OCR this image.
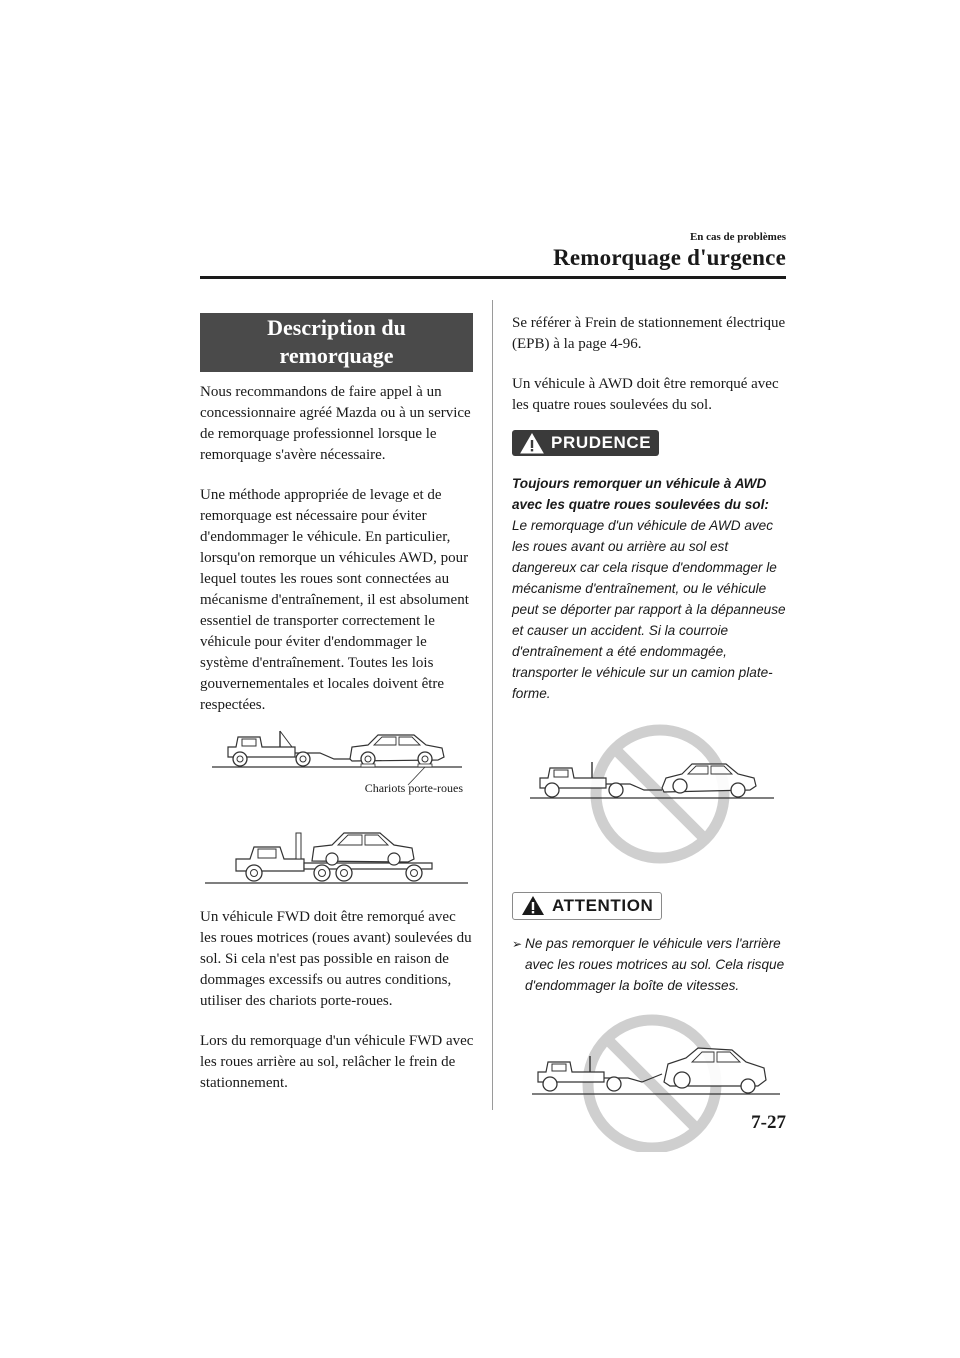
En cas de problèmes
Remorquage d'urgence
Description du
remorquage

Nous recommandons de faire appel à un concessionnaire agréé Mazda ou à un service de remorquage professionnel lorsque le remorquage s'avère nécessaire.

Une méthode appropriée de levage et de remorquage est nécessaire pour éviter d'endommager le véhicule. En particulier, lorsqu'on remorque un véhicules AWD, pour lequel toutes les roues sont connectées au mécanisme d'entraînement, il est absolument essentiel de transporter correctement le véhicule pour éviter d'endommager le système d'entraînement. Toutes les lois gouvernementales et locales doivent être respectées.

Chariots porte-roues

Un véhicule FWD doit être remorqué avec les roues motrices (roues avant) soulevées du sol. Si cela n'est pas possible en raison de dommages excessifs ou autres conditions, utiliser des chariots porte-roues.

Lors du remorquage d'un véhicule FWD avec les roues arrière au sol, relâcher le frein de stationnement.

Se référer à Frein de stationnement électrique (EPB) à la page 4-96.

Un véhicule à AWD doit être remorqué avec les quatre roues soulevées du sol.

PRUDENCE
Toujours remorquer un véhicule à AWD avec les quatre roues soulevées du sol:
Le remorquage d'un véhicule de AWD avec les roues avant ou arrière au sol est dangereux car cela risque d'endommager le mécanisme d'entraînement, ou le véhicule peut se déporter par rapport à la dépanneuse et causer un accident. Si la courroie d'entraînement a été endommagée, transporter le véhicule sur un camion plate-forme.
ATTENTION
➢ Ne pas remorquer le véhicule vers l'arrière avec les roues motrices au sol. Cela risque d'endommager la boîte de vitesses.
7-27
